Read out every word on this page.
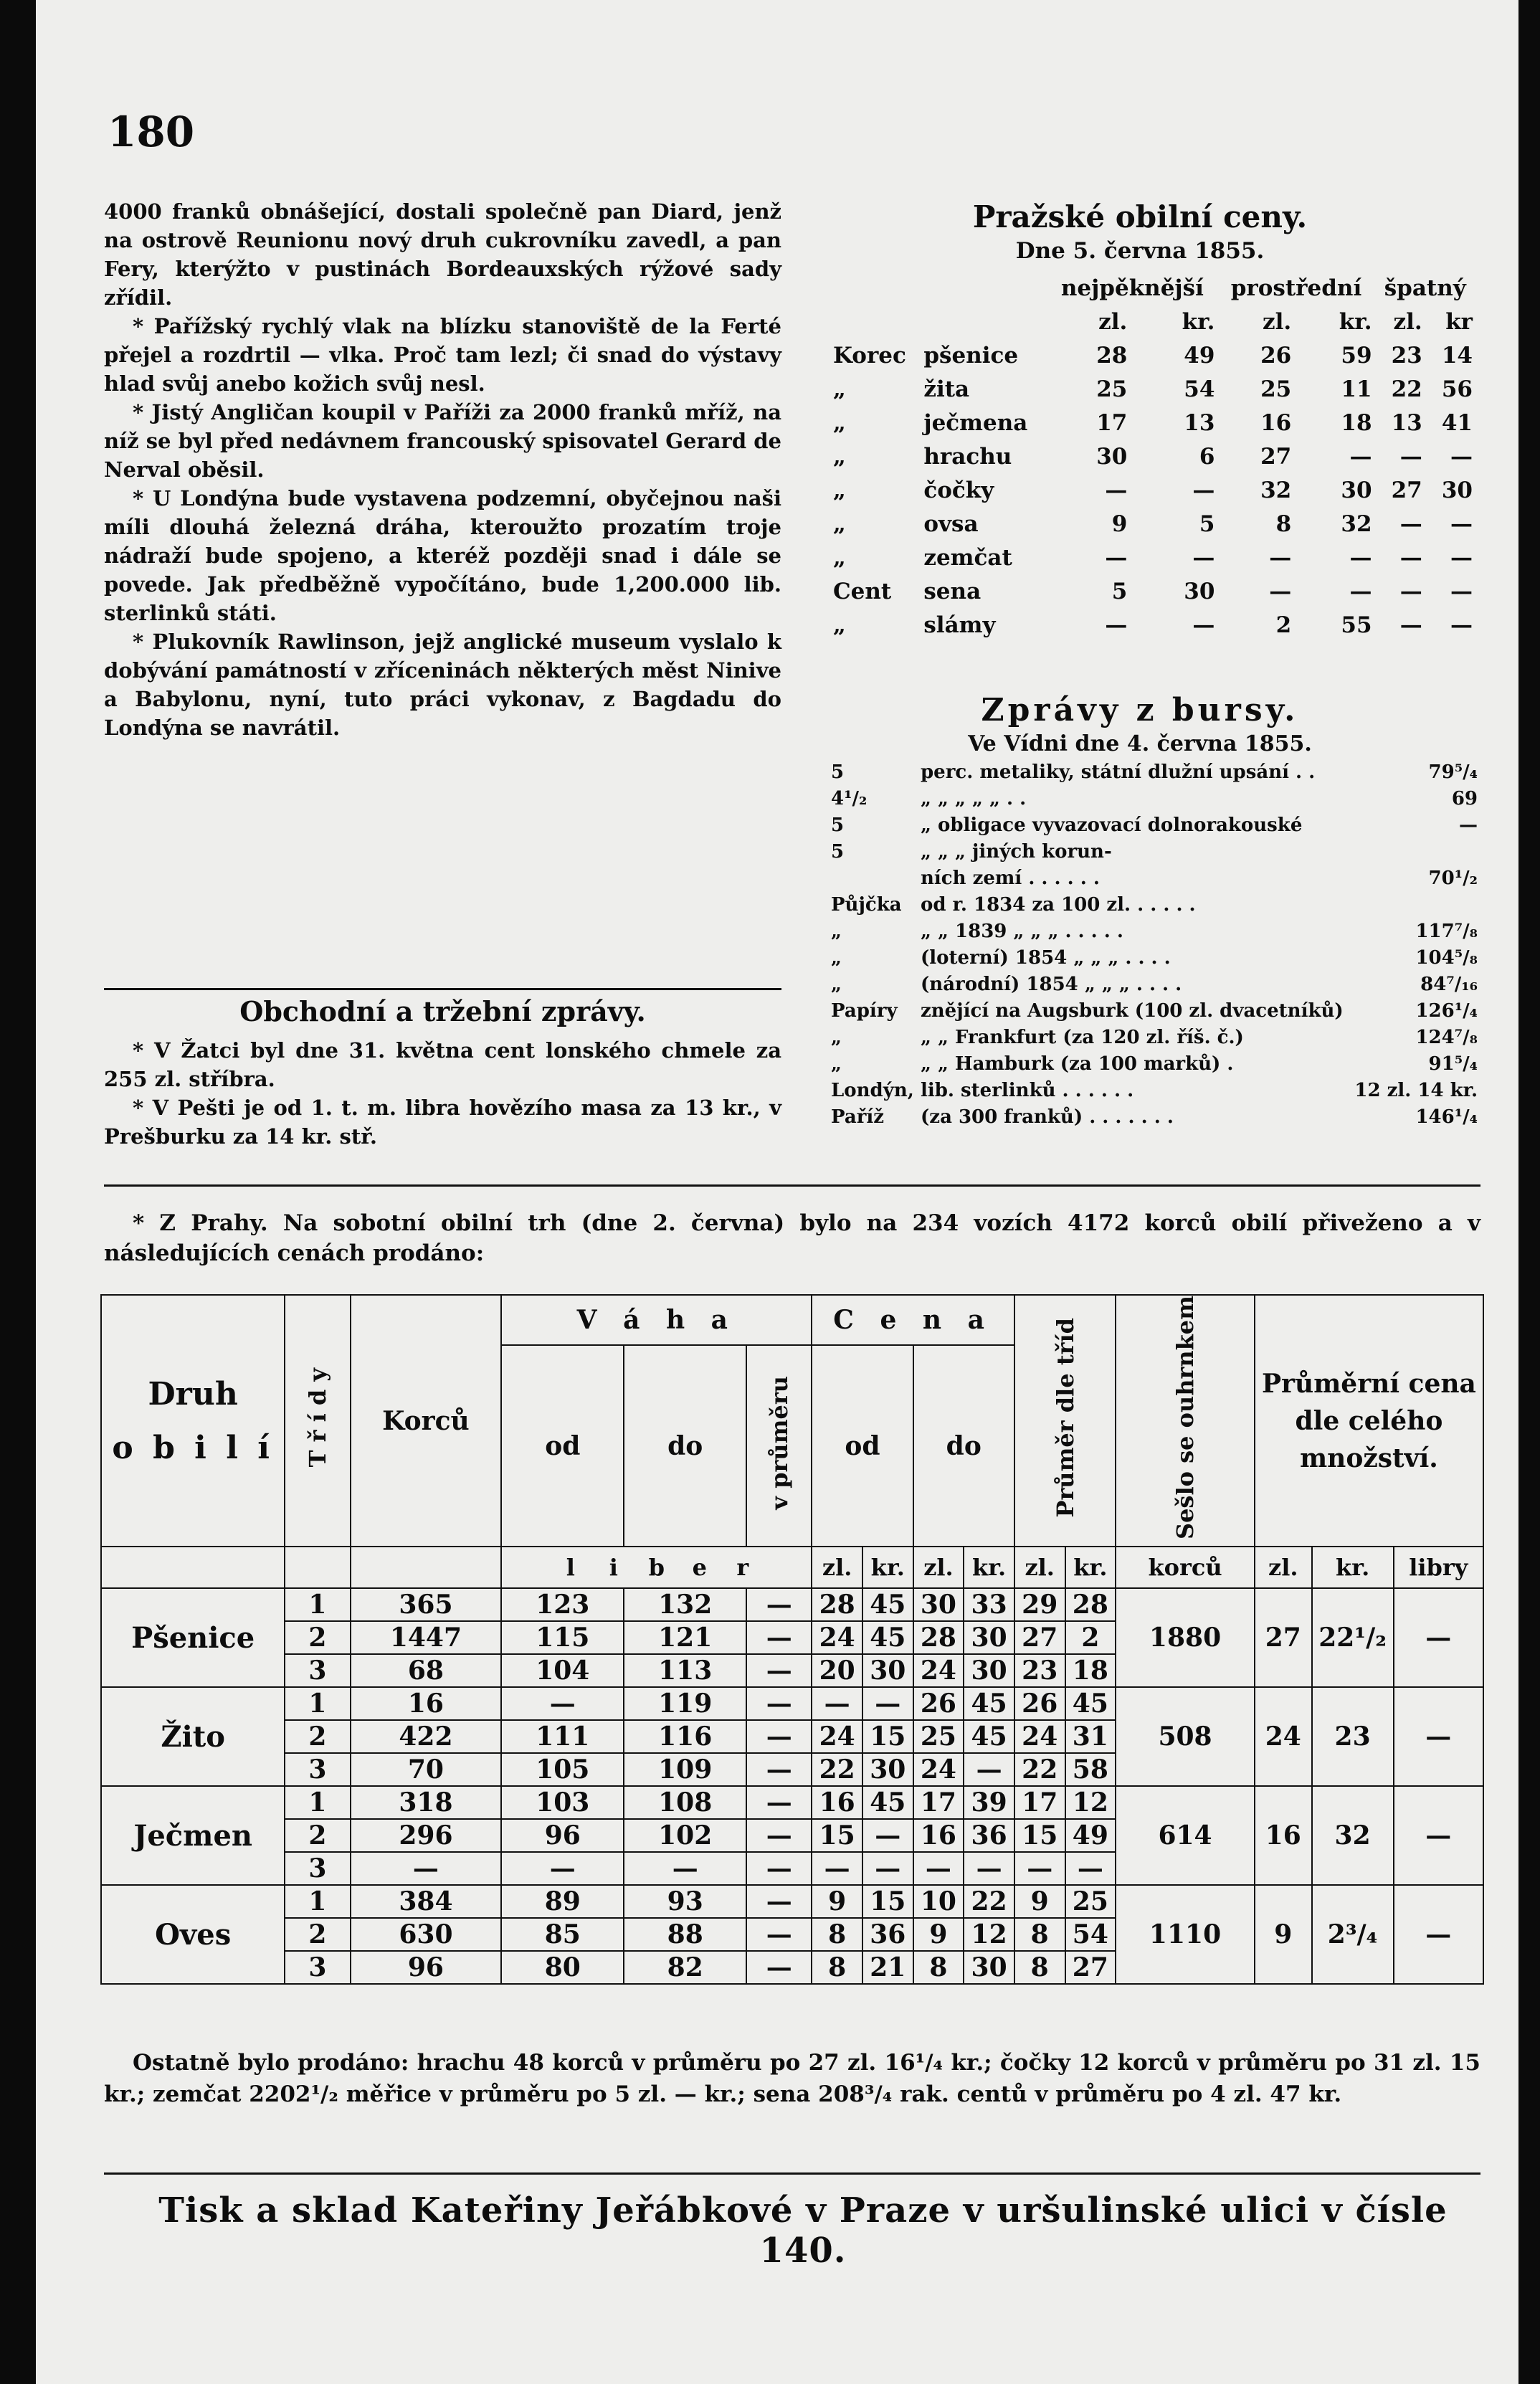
180

4000 franků obnášející, dostali společně pan Diard, jenž na ostrově Reunionu nový druh cukrovníku zavedl, a pan Fery, kterýžto v pustinách Bordeauxských rýžové sady zřídil.

* Pařížský rychlý vlak na blízku stanoviště de la Ferté přejel a rozdrtil — vlka. Proč tam lezl; či snad do výstavy hlad svůj anebo kožich svůj nesl.

* Jistý Angličan koupil v Paříži za 2000 franků mříž, na níž se byl před nedávnem francouský spisovatel Gerard de Nerval oběsil.

* U Londýna bude vystavena podzemní, obyčejnou naši míli dlouhá železná dráha, kteroužto prozatím troje nádraží bude spojeno, a kteréž později snad i dále se povede. Jak předběžně vypočítáno, bude 1,200.000 lib. sterlinků státi.

* Plukovník Rawlinson, jejž anglické museum vyslalo k dobývání památností v zříceninách některých měst Ninive a Babylonu, nyní, tuto práci vykonav, z Bagdadu do Londýna se navrátil.

Obchodní a tržební zprávy.

* V Žatci byl dne 31. května cent lonského chmele za 255 zl. stříbra.

* V Pešti je od 1. t. m. libra hovězího masa za 13 kr., v Prešburku za 14 kr. stř.

Pražské obilní ceny.
Dne 5. června 1855.
		nejpěknější		prostřední		špatný	
		zl.	kr.	zl.	kr.	zl.	kr
Korec	pšenice	28	49	26	59	23	14
„	žita	25	54	25	11	22	56
„	ječmena	17	13	16	18	13	41
„	hrachu	30	6	27	—	—	—
„	čočky	—	—	32	30	27	30
„	ovsa	9	5	8	32	—	—
„	zemčat	—	—	—	—	—	—
Cent	sena	5	30	—	—	—	—
„	slámy	—	—	2	55	—	—
Zprávy z bursy.
Ve Vídni dne 4. června 1855.
5	perc. metaliky, státní dlužní upsání . .	79⁵/₄
4¹/₂	„ „ „ „ „ . .	69
5	„ obligace vyvazovací dolnorakouské	—
5	„ „ „ jiných korun-	
	ních zemí . . . . . .	70¹/₂
Půjčka	od r. 1834 za 100 zl. . . . . .	
„	„ „ 1839 „ „ „ . . . . .	117⁷/₈
„	(loterní) 1854 „ „ „ . . . .	104⁵/₈
„	(národní) 1854 „ „ „ . . . .	84⁷/₁₆
Papíry	znějící na Augsburk (100 zl. dvacetníků)	126¹/₄
„	„ „ Frankfurt (za 120 zl. říš. č.)	124⁷/₈
„	„ „ Hamburk (za 100 marků) .	91⁵/₄
Londýn,	lib. sterlinků . . . . . .	12 zl. 14 kr.
Paříž	(za 300 franků) . . . . . . .	146¹/₄

* Z Prahy. Na sobotní obilní trh (dne 2. června) bylo na 234 vozích 4172 korců obilí přiveženo a v následujících cenách prodáno:

Druh
o b i l í	T ř í d y	Korců	V á h a			C e n a				Průměr dle tříd		Sešlo se ouhrnkem	Průměrní cena dle celého množství.		
			od	do	v průměru	od		do							

			l i b e r			zl.	kr.	zl.	kr.	zl.	kr.	korců	zl.	kr.	libry
Pšenice	1	365	123	132	—	28	45	30	33	29	28	1880	27	22¹/₂	—
	2	1447	115	121	—	24	45	28	30	27	2				
	3	68	104	113	—	20	30	24	30	23	18				
Žito	1	16	—	119	—	—	—	26	45	26	45	508	24	23	—
	2	422	111	116	—	24	15	25	45	24	31				
	3	70	105	109	—	22	30	24	—	22	58				
Ječmen	1	318	103	108	—	16	45	17	39	17	12	614	16	32	—
	2	296	96	102	—	15	—	16	36	15	49				
	3	—	—	—	—	—	—	—	—	—	—				
Oves	1	384	89	93	—	9	15	10	22	9	25	1110	9	2³/₄	—
	2	630	85	88	—	8	36	9	12	8	54				
	3	96	80	82	—	8	21	8	30	8	27				

Ostatně bylo prodáno: hrachu 48 korců v průměru po 27 zl. 16¹/₄ kr.; čočky 12 korců v průměru po 31 zl. 15 kr.; zemčat 2202¹/₂ měřice v průměru po 5 zl. — kr.; sena 208³/₄ rak. centů v průměru po 4 zl. 47 kr.

Tisk a sklad Kateřiny Jeřábkové v Praze v uršulinské ulici v čísle 140.
